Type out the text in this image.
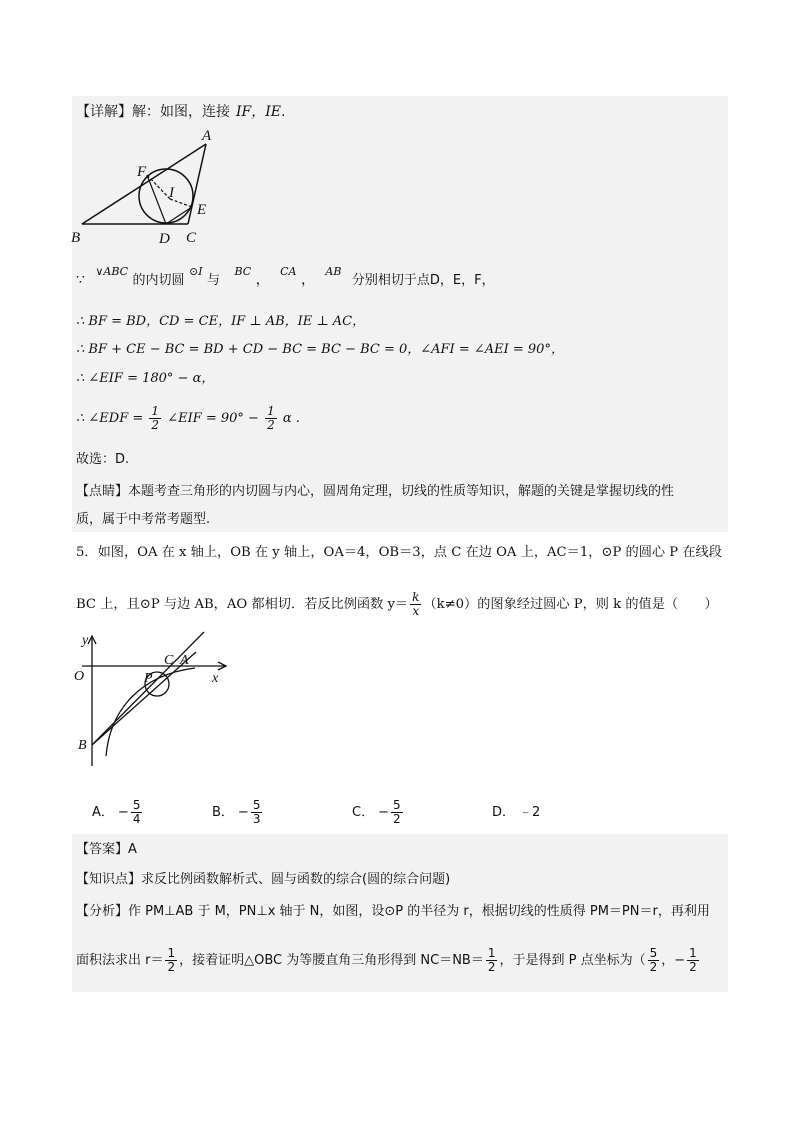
【详解】解：如图，连接 IF，IE.
A
B	C
D
E
F
I
∵ $^{\vee ABC}$ 的内切圆 $^{⊙I}$ 与 $^{BC}$ ， $^{CA}$ ， $^{AB}$ 分别相切于点D，E，F，
∴ BF = BD，CD = CE，IF ⊥ AB，IE ⊥ AC，
∴ BF + CE − BC = BD + CD − BC = BC − BC = 0，∠AFI = ∠AEI = 90°，
∴ ∠EIF = 180° − α，
∴ ∠EDF = $\frac{1}{2}$ ∠EIF = $90^\circ - \frac{1}{2}$ α .
故选：D.
【点睛】本题考查三角形的内切圆与内心，圆周角定理，切线的性质等知识，解题的关键是掌握切线的性
质，属于中考常考题型.
5．如图，OA 在 x 轴上，OB 在 y 轴上，OA＝4，OB＝3，点 C 在边 OA 上，AC＝1，⊙P 的圆心 P 在线段
BC 上，且⊙P 与边 AB，AO 都相切．若反比例函数 $y= \frac{k}{x} (k\ne 0)$的图象经过圆心 P，则 k 的值是（　　）
y
x
O
B
C A
P
A． − $\frac{5}{4}$	B． − $\frac{5}{3}$	C． − $\frac{5}{2}$	D． ﹣2
【答案】A
【知识点】求反比例函数解析式、圆与函数的综合(圆的综合问题)
【分析】作 PM⊥AB 于 M，PN⊥x 轴于 N，如图，设⊙P 的半径为 r，根据切线的性质得 PM＝PN＝r，再利用
面积法求出 $r= \frac{1}{2}$ ，接着证明△OBC 为等腰直角三角形得到 $NC=NB= \frac{1}{2}$ ，于是得到 P 点坐标为（ $\frac{5}{2}$ ，− $\frac{1}{2}$
